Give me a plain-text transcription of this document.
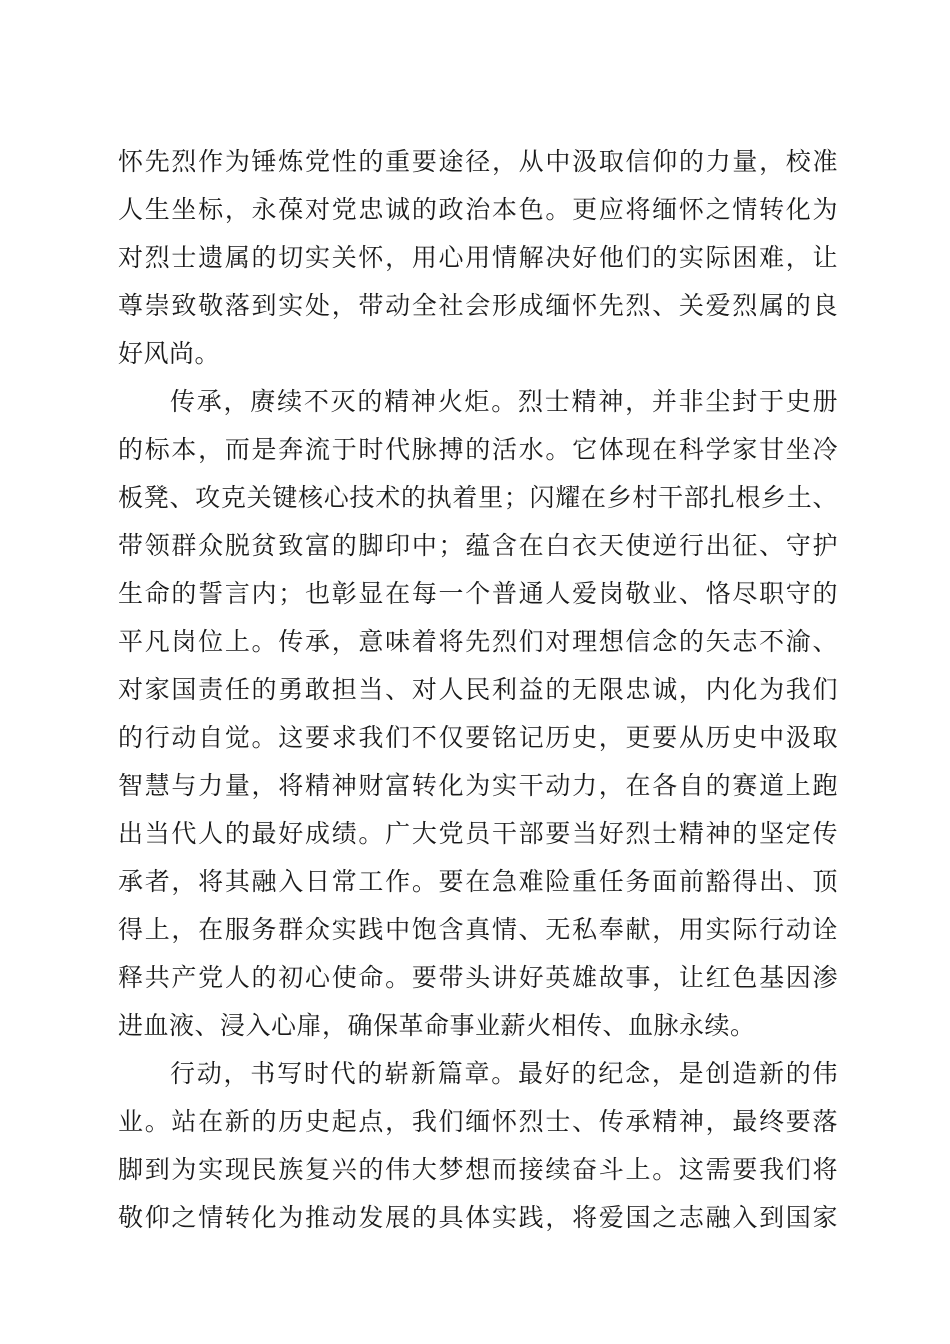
怀先烈作为锤炼党性的重要途径，从中汲取信仰的力量，校准
人生坐标，永葆对党忠诚的政治本色。更应将缅怀之情转化为
对烈士遗属的切实关怀，用心用情解决好他们的实际困难，让
尊崇致敬落到实处，带动全社会形成缅怀先烈、关爱烈属的良
好风尚。
传承，赓续不灭的精神火炬。烈士精神，并非尘封于史册
的标本，而是奔流于时代脉搏的活水。它体现在科学家甘坐冷
板凳、攻克关键核心技术的执着里；闪耀在乡村干部扎根乡土、
带领群众脱贫致富的脚印中；蕴含在白衣天使逆行出征、守护
生命的誓言内；也彰显在每一个普通人爱岗敬业、恪尽职守的
平凡岗位上。传承，意味着将先烈们对理想信念的矢志不渝、
对家国责任的勇敢担当、对人民利益的无限忠诚，内化为我们
的行动自觉。这要求我们不仅要铭记历史，更要从历史中汲取
智慧与力量，将精神财富转化为实干动力，在各自的赛道上跑
出当代人的最好成绩。广大党员干部要当好烈士精神的坚定传
承者，将其融入日常工作。要在急难险重任务面前豁得出、顶
得上，在服务群众实践中饱含真情、无私奉献，用实际行动诠
释共产党人的初心使命。要带头讲好英雄故事，让红色基因渗
进血液、浸入心扉，确保革命事业薪火相传、血脉永续。
行动，书写时代的崭新篇章。最好的纪念，是创造新的伟
业。站在新的历史起点，我们缅怀烈士、传承精神，最终要落
脚到为实现民族复兴的伟大梦想而接续奋斗上。这需要我们将
敬仰之情转化为推动发展的具体实践，将爱国之志融入到国家
